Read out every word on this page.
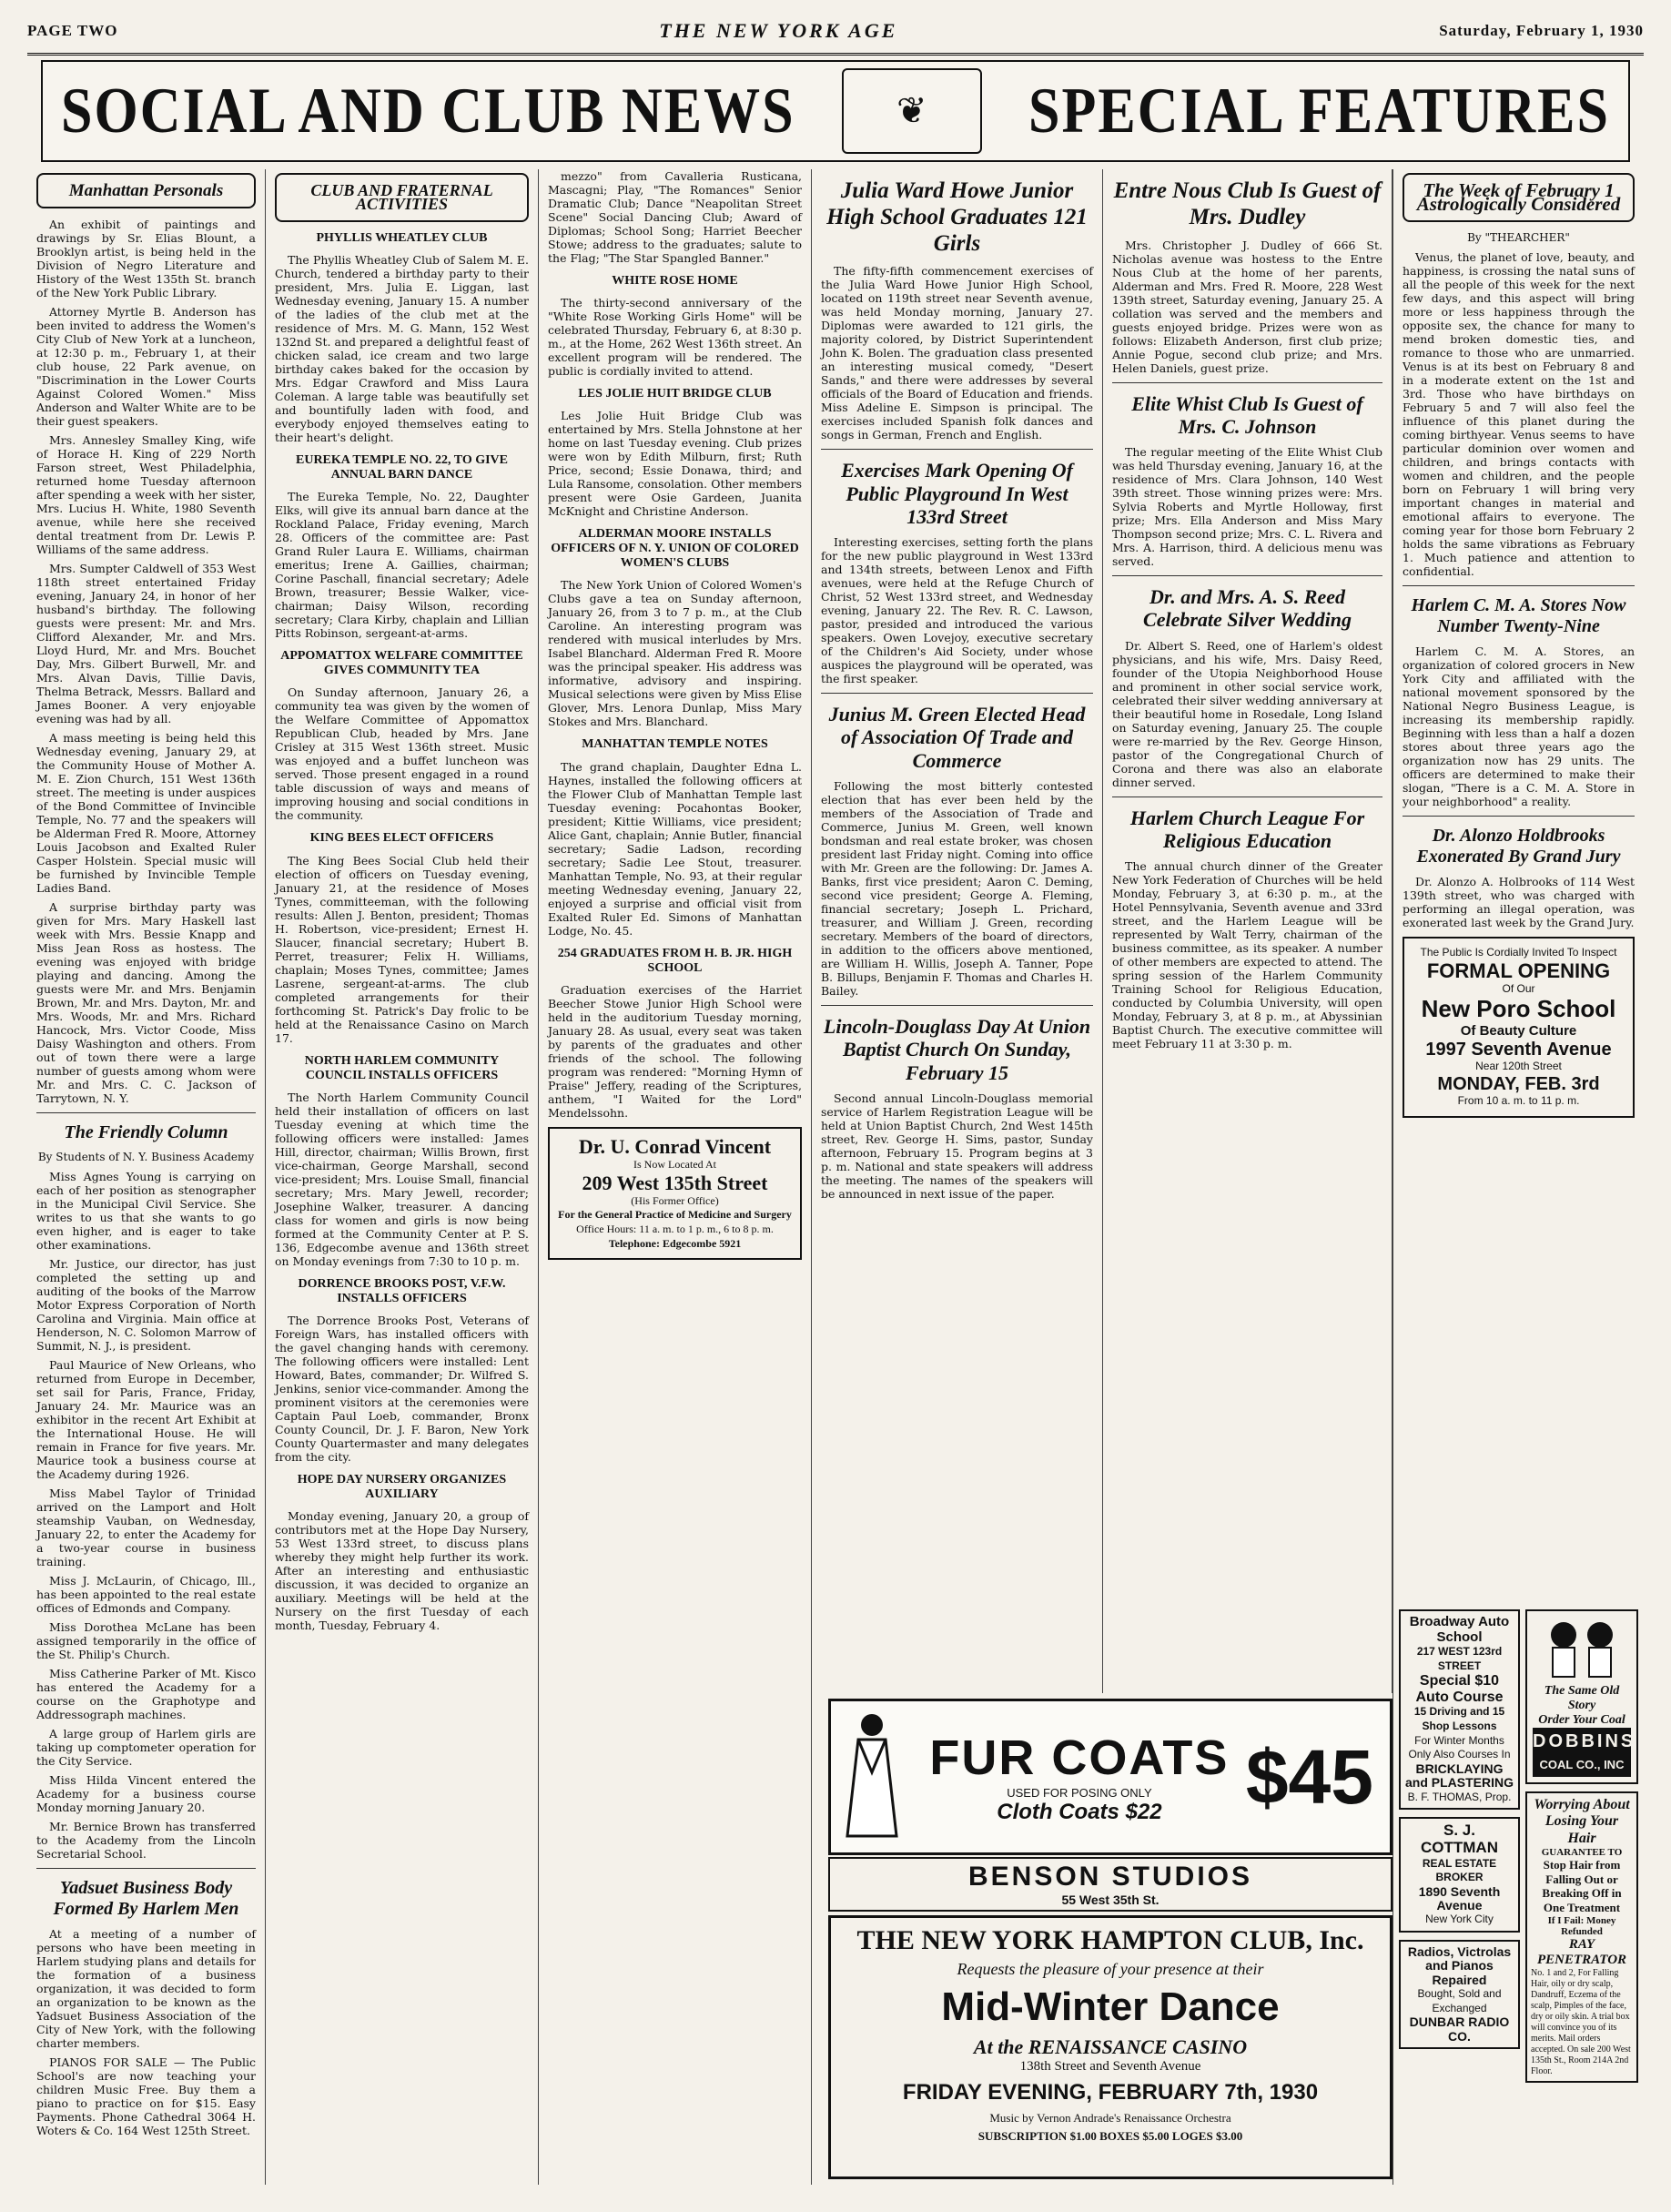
PAGE TWO	THE NEW YORK AGE	Saturday, February 1, 1930
SOCIAL AND CLUB NEWS	❦	SPECIAL FEATURES
Manhattan Personals

An exhibit of paintings and drawings by Sr. Elias Blount, a Brooklyn artist, is being held in the Division of Negro Literature and History of the West 135th St. branch of the New York Public Library.

Attorney Myrtle B. Anderson has been invited to address the Women's City Club of New York at a luncheon, at 12:30 p. m., February 1, at their club house, 22 Park avenue, on "Discrimination in the Lower Courts Against Colored Women." Miss Anderson and Walter White are to be their guest speakers.

Mrs. Annesley Smalley King, wife of Horace H. King of 229 North Farson street, West Philadelphia, returned home Tuesday afternoon after spending a week with her sister, Mrs. Lucius H. White, 1980 Seventh avenue, while here she received dental treatment from Dr. Lewis P. Williams of the same address.

Mrs. Sumpter Caldwell of 353 West 118th street entertained Friday evening, January 24, in honor of her husband's birthday. The following guests were present: Mr. and Mrs. Clifford Alexander, Mr. and Mrs. Lloyd Hurd, Mr. and Mrs. Bouchet Day, Mrs. Gilbert Burwell, Mr. and Mrs. Alvan Davis, Tillie Davis, Thelma Betrack, Messrs. Ballard and James Booner. A very enjoyable evening was had by all.

A mass meeting is being held this Wednesday evening, January 29, at the Community House of Mother A. M. E. Zion Church, 151 West 136th street. The meeting is under auspices of the Bond Committee of Invincible Temple, No. 77 and the speakers will be Alderman Fred R. Moore, Attorney Louis Jacobson and Exalted Ruler Casper Holstein. Special music will be furnished by Invincible Temple Ladies Band.

A surprise birthday party was given for Mrs. Mary Haskell last week with Mrs. Bessie Knapp and Miss Jean Ross as hostess. The evening was enjoyed with bridge playing and dancing. Among the guests were Mr. and Mrs. Benjamin Brown, Mr. and Mrs. Dayton, Mr. and Mrs. Woods, Mr. and Mrs. Richard Hancock, Mrs. Victor Coode, Miss Daisy Washington and others. From out of town there were a large number of guests among whom were Mr. and Mrs. C. C. Jackson of Tarrytown, N. Y.

The Friendly Column
By Students of N. Y. Business Academy

Miss Agnes Young is carrying on each of her position as stenographer in the Municipal Civil Service. She writes to us that she wants to go even higher, and is eager to take other examinations.

Mr. Justice, our director, has just completed the setting up and auditing of the books of the Marrow Motor Express Corporation of North Carolina and Virginia. Main office at Henderson, N. C. Solomon Marrow of Summit, N. J., is president.

Paul Maurice of New Orleans, who returned from Europe in December, set sail for Paris, France, Friday, January 24. Mr. Maurice was an exhibitor in the recent Art Exhibit at the International House. He will remain in France for five years. Mr. Maurice took a business course at the Academy during 1926.

Miss Mabel Taylor of Trinidad arrived on the Lamport and Holt steamship Vauban, on Wednesday, January 22, to enter the Academy for a two-year course in business training.

Miss J. McLaurin, of Chicago, Ill., has been appointed to the real estate offices of Edmonds and Company.

Miss Dorothea McLane has been assigned temporarily in the office of the St. Philip's Church.

Miss Catherine Parker of Mt. Kisco has entered the Academy for a course on the Graphotype and Addressograph machines.

A large group of Harlem girls are taking up comptometer operation for the City Service.

Miss Hilda Vincent entered the Academy for a business course Monday morning January 20.

Mr. Bernice Brown has transferred to the Academy from the Lincoln Secretarial School.

Yadsuet Business Body Formed By Harlem Men

At a meeting of a number of persons who have been meeting in Harlem studying plans and details for the formation of a business organization, it was decided to form an organization to be known as the Yadsuet Business Association of the City of New York, with the following charter members.

PIANOS FOR SALE — The Public School's are now teaching your children Music Free. Buy them a piano to practice on for $15. Easy Payments. Phone Cathedral 3064 H. Woters & Co. 164 West 125th Street.

CLUB AND FRATERNAL ACTIVITIES
PHYLLIS WHEATLEY CLUB

The Phyllis Wheatley Club of Salem M. E. Church, tendered a birthday party to their president, Mrs. Julia E. Liggan, last Wednesday evening, January 15. A number of the ladies of the club met at the residence of Mrs. M. G. Mann, 152 West 132nd St. and prepared a delightful feast of chicken salad, ice cream and two large birthday cakes baked for the occasion by Mrs. Edgar Crawford and Miss Laura Coleman. A large table was beautifully set and bountifully laden with food, and everybody enjoyed themselves eating to their heart's delight.

EUREKA TEMPLE NO. 22, TO GIVE ANNUAL BARN DANCE

The Eureka Temple, No. 22, Daughter Elks, will give its annual barn dance at the Rockland Palace, Friday evening, March 28. Officers of the committee are: Past Grand Ruler Laura E. Williams, chairman emeritus; Irene A. Gaillies, chairman; Corine Paschall, financial secretary; Adele Brown, treasurer; Bessie Walker, vice-chairman; Daisy Wilson, recording secretary; Clara Kirby, chaplain and Lillian Pitts Robinson, sergeant-at-arms.

APPOMATTOX WELFARE COMMITTEE GIVES COMMUNITY TEA

On Sunday afternoon, January 26, a community tea was given by the women of the Welfare Committee of Appomattox Republican Club, headed by Mrs. Jane Crisley at 315 West 136th street. Music was enjoyed and a buffet luncheon was served. Those present engaged in a round table discussion of ways and means of improving housing and social conditions in the community.

KING BEES ELECT OFFICERS

The King Bees Social Club held their election of officers on Tuesday evening, January 21, at the residence of Moses Tynes, committeeman, with the following results: Allen J. Benton, president; Thomas H. Robertson, vice-president; Ernest H. Slaucer, financial secretary; Hubert B. Perret, treasurer; Felix H. Williams, chaplain; Moses Tynes, committee; James Lasrene, sergeant-at-arms. The club completed arrangements for their forthcoming St. Patrick's Day frolic to be held at the Renaissance Casino on March 17.

NORTH HARLEM COMMUNITY COUNCIL INSTALLS OFFICERS

The North Harlem Community Council held their installation of officers on last Tuesday evening at which time the following officers were installed: James Hill, director, chairman; Willis Brown, first vice-chairman, George Marshall, second vice-president; Mrs. Louise Small, financial secretary; Mrs. Mary Jewell, recorder; Josephine Walker, treasurer. A dancing class for women and girls is now being formed at the Community Center at P. S. 136, Edgecombe avenue and 136th street on Monday evenings from 7:30 to 10 p. m.

DORRENCE BROOKS POST, V.F.W. INSTALLS OFFICERS

The Dorrence Brooks Post, Veterans of Foreign Wars, has installed officers with the gavel changing hands with ceremony. The following officers were installed: Lent Howard, Bates, commander; Dr. Wilfred S. Jenkins, senior vice-commander. Among the prominent visitors at the ceremonies were Captain Paul Loeb, commander, Bronx County Council, Dr. J. F. Baron, New York County Quartermaster and many delegates from the city.

HOPE DAY NURSERY ORGANIZES AUXILIARY

Monday evening, January 20, a group of contributors met at the Hope Day Nursery, 53 West 133rd street, to discuss plans whereby they might help further its work. After an interesting and enthusiastic discussion, it was decided to organize an auxiliary. Meetings will be held at the Nursery on the first Tuesday of each month, Tuesday, February 4.

mezzo" from Cavalleria Rusticana, Mascagni; Play, "The Romances" Senior Dramatic Club; Dance "Neapolitan Street Scene" Social Dancing Club; Award of Diplomas; School Song; Harriet Beecher Stowe; address to the graduates; salute to the Flag; "The Star Spangled Banner."

WHITE ROSE HOME

The thirty-second anniversary of the "White Rose Working Girls Home" will be celebrated Thursday, February 6, at 8:30 p. m., at the Home, 262 West 136th street. An excellent program will be rendered. The public is cordially invited to attend.

LES JOLIE HUIT BRIDGE CLUB

Les Jolie Huit Bridge Club was entertained by Mrs. Stella Johnstone at her home on last Tuesday evening. Club prizes were won by Edith Milburn, first; Ruth Price, second; Essie Donawa, third; and Lula Ransome, consolation. Other members present were Osie Gardeen, Juanita McKnight and Christine Anderson.

ALDERMAN MOORE INSTALLS OFFICERS OF N. Y. UNION OF COLORED WOMEN'S CLUBS

The New York Union of Colored Women's Clubs gave a tea on Sunday afternoon, January 26, from 3 to 7 p. m., at the Club Caroline. An interesting program was rendered with musical interludes by Mrs. Isabel Blanchard. Alderman Fred R. Moore was the principal speaker. His address was informative, advisory and inspiring. Musical selections were given by Miss Elise Glover, Mrs. Lenora Dunlap, Miss Mary Stokes and Mrs. Blanchard.

MANHATTAN TEMPLE NOTES

The grand chaplain, Daughter Edna L. Haynes, installed the following officers at the Flower Club of Manhattan Temple last Tuesday evening: Pocahontas Booker, president; Kittie Williams, vice president; Alice Gant, chaplain; Annie Butler, financial secretary; Sadie Ladson, recording secretary; Sadie Lee Stout, treasurer. Manhattan Temple, No. 93, at their regular meeting Wednesday evening, January 22, enjoyed a surprise and official visit from Exalted Ruler Ed. Simons of Manhattan Lodge, No. 45.

254 GRADUATES FROM H. B. JR. HIGH SCHOOL

Graduation exercises of the Harriet Beecher Stowe Junior High School were held in the auditorium Tuesday morning, January 28. As usual, every seat was taken by parents of the graduates and other friends of the school. The following program was rendered: "Morning Hymn of Praise" Jeffery, reading of the Scriptures, anthem, "I Waited for the Lord" Mendelssohn.

Dr. U. Conrad Vincent
Is Now Located At
209 West 135th Street
(His Former Office)
For the General Practice of Medicine and Surgery
Office Hours: 11 a. m. to 1 p. m., 6 to 8 p. m.
Telephone: Edgecombe 5921
Julia Ward Howe Junior High School Graduates 121 Girls

The fifty-fifth commencement exercises of the Julia Ward Howe Junior High School, located on 119th street near Seventh avenue, was held Monday morning, January 27. Diplomas were awarded to 121 girls, the majority colored, by District Superintendent John K. Bolen. The graduation class presented an interesting musical comedy, "Desert Sands," and there were addresses by several officials of the Board of Education and friends. Miss Adeline E. Simpson is principal. The exercises included Spanish folk dances and songs in German, French and English.

Exercises Mark Opening Of Public Playground In West 133rd Street

Interesting exercises, setting forth the plans for the new public playground in West 133rd and 134th streets, between Lenox and Fifth avenues, were held at the Refuge Church of Christ, 52 West 133rd street, and Wednesday evening, January 22. The Rev. R. C. Lawson, pastor, presided and introduced the various speakers. Owen Lovejoy, executive secretary of the Children's Aid Society, under whose auspices the playground will be operated, was the first speaker.

Junius M. Green Elected Head of Association Of Trade and Commerce

Following the most bitterly contested election that has ever been held by the members of the Association of Trade and Commerce, Junius M. Green, well known bondsman and real estate broker, was chosen president last Friday night. Coming into office with Mr. Green are the following: Dr. James A. Banks, first vice president; Aaron C. Deming, second vice president; George A. Fleming, financial secretary; Joseph L. Prichard, treasurer, and William J. Green, recording secretary. Members of the board of directors, in addition to the officers above mentioned, are William H. Willis, Joseph A. Tanner, Pope B. Billups, Benjamin F. Thomas and Charles H. Bailey.

Lincoln-Douglass Day At Union Baptist Church On Sunday, February 15

Second annual Lincoln-Douglass memorial service of Harlem Registration League will be held at Union Baptist Church, 2nd West 145th street, Rev. George H. Sims, pastor, Sunday afternoon, February 15. Program begins at 3 p. m. National and state speakers will address the meeting. The names of the speakers will be announced in next issue of the paper.

Entre Nous Club Is Guest of Mrs. Dudley

Mrs. Christopher J. Dudley of 666 St. Nicholas avenue was hostess to the Entre Nous Club at the home of her parents, Alderman and Mrs. Fred R. Moore, 228 West 139th street, Saturday evening, January 25. A collation was served and the members and guests enjoyed bridge. Prizes were won as follows: Elizabeth Anderson, first club prize; Annie Pogue, second club prize; and Mrs. Helen Daniels, guest prize.

Elite Whist Club Is Guest of Mrs. C. Johnson

The regular meeting of the Elite Whist Club was held Thursday evening, January 16, at the residence of Mrs. Clara Johnson, 140 West 39th street. Those winning prizes were: Mrs. Sylvia Roberts and Myrtle Holloway, first prize; Mrs. Ella Anderson and Miss Mary Thompson second prize; Mrs. C. L. Rivera and Mrs. A. Harrison, third. A delicious menu was served.

Dr. and Mrs. A. S. Reed Celebrate Silver Wedding

Dr. Albert S. Reed, one of Harlem's oldest physicians, and his wife, Mrs. Daisy Reed, founder of the Utopia Neighborhood House and prominent in other social service work, celebrated their silver wedding anniversary at their beautiful home in Rosedale, Long Island on Saturday evening, January 25. The couple were re-married by the Rev. George Hinson, pastor of the Congregational Church of Corona and there was also an elaborate dinner served.

Harlem Church League For Religious Education

The annual church dinner of the Greater New York Federation of Churches will be held Monday, February 3, at 6:30 p. m., at the Hotel Pennsylvania, Seventh avenue and 33rd street, and the Harlem League will be represented by Walt Terry, chairman of the business committee, as its speaker. A number of other members are expected to attend. The spring session of the Harlem Community Training School for Religious Education, conducted by Columbia University, will open Monday, February 3, at 8 p. m., at Abyssinian Baptist Church. The executive committee will meet February 11 at 3:30 p. m.

FUR COATS
USED FOR POSING ONLY
Cloth Coats $22	$45
BENSON STUDIOS
55 West 35th St.
THE NEW YORK HAMPTON CLUB, Inc.
Requests the pleasure of your presence at their
Mid-Winter Dance
At the RENAISSANCE CASINO
138th Street and Seventh Avenue
FRIDAY EVENING, FEBRUARY 7th, 1930
Music by Vernon Andrade's Renaissance Orchestra
SUBSCRIPTION $1.00 BOXES $5.00 LOGES $3.00
The Week of February 1 Astrologically Considered
By "THEARCHER"

Venus, the planet of love, beauty, and happiness, is crossing the natal suns of all the people of this week for the next few days, and this aspect will bring more or less happiness through the opposite sex, the chance for many to mend broken domestic ties, and romance to those who are unmarried. Venus is at its best on February 8 and in a moderate extent on the 1st and 3rd. Those who have birthdays on February 5 and 7 will also feel the influence of this planet during the coming birthyear. Venus seems to have particular dominion over women and children, and brings contacts with women and children, and the people born on February 1 will bring very important changes in material and emotional affairs to everyone. The coming year for those born February 2 holds the same vibrations as February 1. Much patience and attention to confidential.

Harlem C. M. A. Stores Now Number Twenty-Nine

Harlem C. M. A. Stores, an organization of colored grocers in New York City and affiliated with the national movement sponsored by the National Negro Business League, is increasing its membership rapidly. Beginning with less than a half a dozen stores about three years ago the organization now has 29 units. The officers are determined to make their slogan, "There is a C. M. A. Store in your neighborhood" a reality.

Dr. Alonzo Holdbrooks Exonerated By Grand Jury

Dr. Alonzo A. Holbrooks of 114 West 139th street, who was charged with performing an illegal operation, was exonerated last week by the Grand Jury.

The Public Is Cordially Invited To Inspect
FORMAL OPENING
Of Our
New Poro School
Of Beauty Culture
1997 Seventh Avenue
Near 120th Street
MONDAY, FEB. 3rd
From 10 a. m. to 11 p. m.
Broadway Auto School
217 WEST 123rd STREET
Special $10 Auto Course
15 Driving and 15 Shop Lessons
For Winter Months Only Also Courses In
BRICKLAYING and PLASTERING
B. F. THOMAS, Prop.
S. J. COTTMAN
REAL ESTATE BROKER
1890 Seventh Avenue
New York City
Radios, Victrolas and Pianos Repaired
Bought, Sold and Exchanged
DUNBAR RADIO CO.
The Same Old Story
Order Your Coal
DOBBINS
COAL CO., INC
Worrying About Losing Your Hair
GUARANTEE TO
Stop Hair from Falling Out or Breaking Off in One Treatment
If I Fail: Money Refunded
RAY PENETRATOR
No. 1 and 2, For Falling Hair, oily or dry scalp, Dandruff, Eczema of the scalp, Pimples of the face, dry or oily skin. A trial box will convince you of its merits. Mail orders accepted. On sale 200 West 135th St., Room 214A 2nd Floor.
